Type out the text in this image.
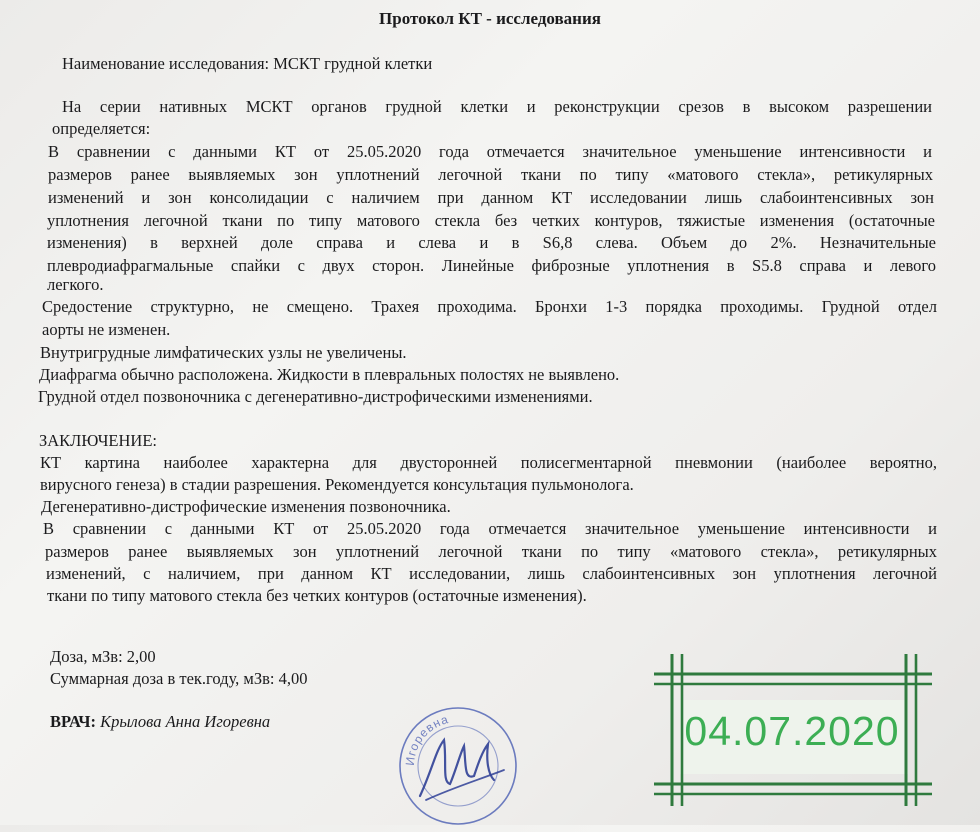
Протокол КТ - исследования
Наименование исследования: МСКТ грудной клетки
На серии нативных МСКТ органов грудной клетки и реконструкции срезов в высоком разрешении
определяется:
В сравнении с данными КТ от 25.05.2020 года отмечается значительное уменьшение интенсивности и
размеров ранее выявляемых зон уплотнений легочной ткани по типу «матового стекла», ретикулярных
изменений и зон консолидации с наличием при данном КТ исследовании лишь слабоинтенсивных зон
уплотнения легочной ткани по типу матового стекла без четких контуров, тяжистые изменения (остаточные
изменения) в верхней доле справа и слева и в S6,8 слева. Объем до 2%. Незначительные
плевродиафрагмальные спайки с двух сторон. Линейные фиброзные уплотнения в S5.8 справа и левого
легкого.
Средостение структурно, не смещено. Трахея проходима. Бронхи 1-3 порядка проходимы. Грудной отдел
аорты не изменен.
Внутригрудные лимфатических узлы не увеличены.
Диафрагма обычно расположена. Жидкости в плевральных полостях не выявлено.
Грудной отдел позвоночника с дегенеративно-дистрофическими изменениями.
ЗАКЛЮЧЕНИЕ:
КТ картина наиболее характерна для двусторонней полисегментарной пневмонии (наиболее вероятно,
вирусного генеза) в стадии разрешения. Рекомендуется консультация пульмонолога.
Дегенеративно-дистрофические изменения позвоночника.
В сравнении с данными КТ от 25.05.2020 года отмечается значительное уменьшение интенсивности и
размеров ранее выявляемых зон уплотнений легочной ткани по типу «матового стекла», ретикулярных
изменений, с наличием, при данном КТ исследовании, лишь слабоинтенсивных зон уплотнения легочной
ткани по типу матового стекла без четких контуров (остаточные изменения).
Доза, мЗв: 2,00
Суммарная доза в тек.году, мЗв: 4,00
ВРАЧ: Крылова Анна Игоревна
Игоревна	04.07.2020
